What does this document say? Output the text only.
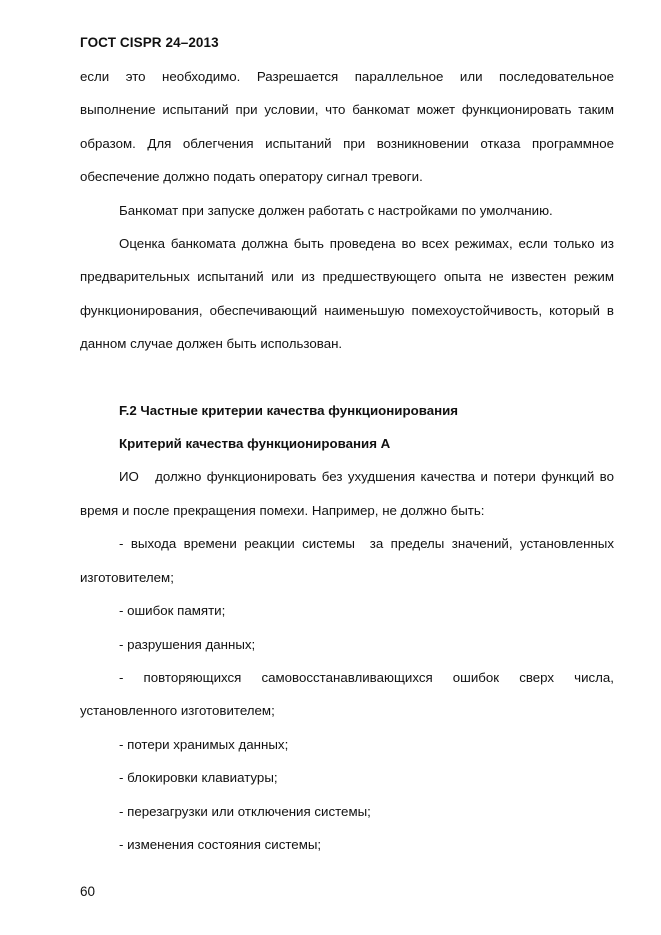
ГОСТ CISPR 24–2013

если это необходимо. Разрешается параллельное или последовательное выполнение испытаний при условии, что банкомат может функционировать таким образом. Для облегчения испытаний при возникновении отказа программное обеспечение должно подать оператору сигнал тревоги.

Банкомат при запуске должен работать с настройками по умолчанию.

Оценка банкомата должна быть проведена во всех режимах, если только из предварительных испытаний или из предшествующего опыта не известен режим функционирования, обеспечивающий наименьшую помехоустойчивость, который в данном случае должен быть использован.

F.2 Частные критерии качества функционирования

Критерий качества функционирования А

ИО   должно функционировать без ухудшения качества и потери функций во время и после прекращения помехи. Например, не должно быть:

- выхода времени реакции системы  за пределы значений, установленных изготовителем;

- ошибок памяти;

- разрушения данных;

- повторяющихся самовосстанавливающихся ошибок сверх числа, установленного изготовителем;

- потери хранимых данных;

- блокировки клавиатуры;

- перезагрузки или отключения системы;

- изменения состояния системы;

60
